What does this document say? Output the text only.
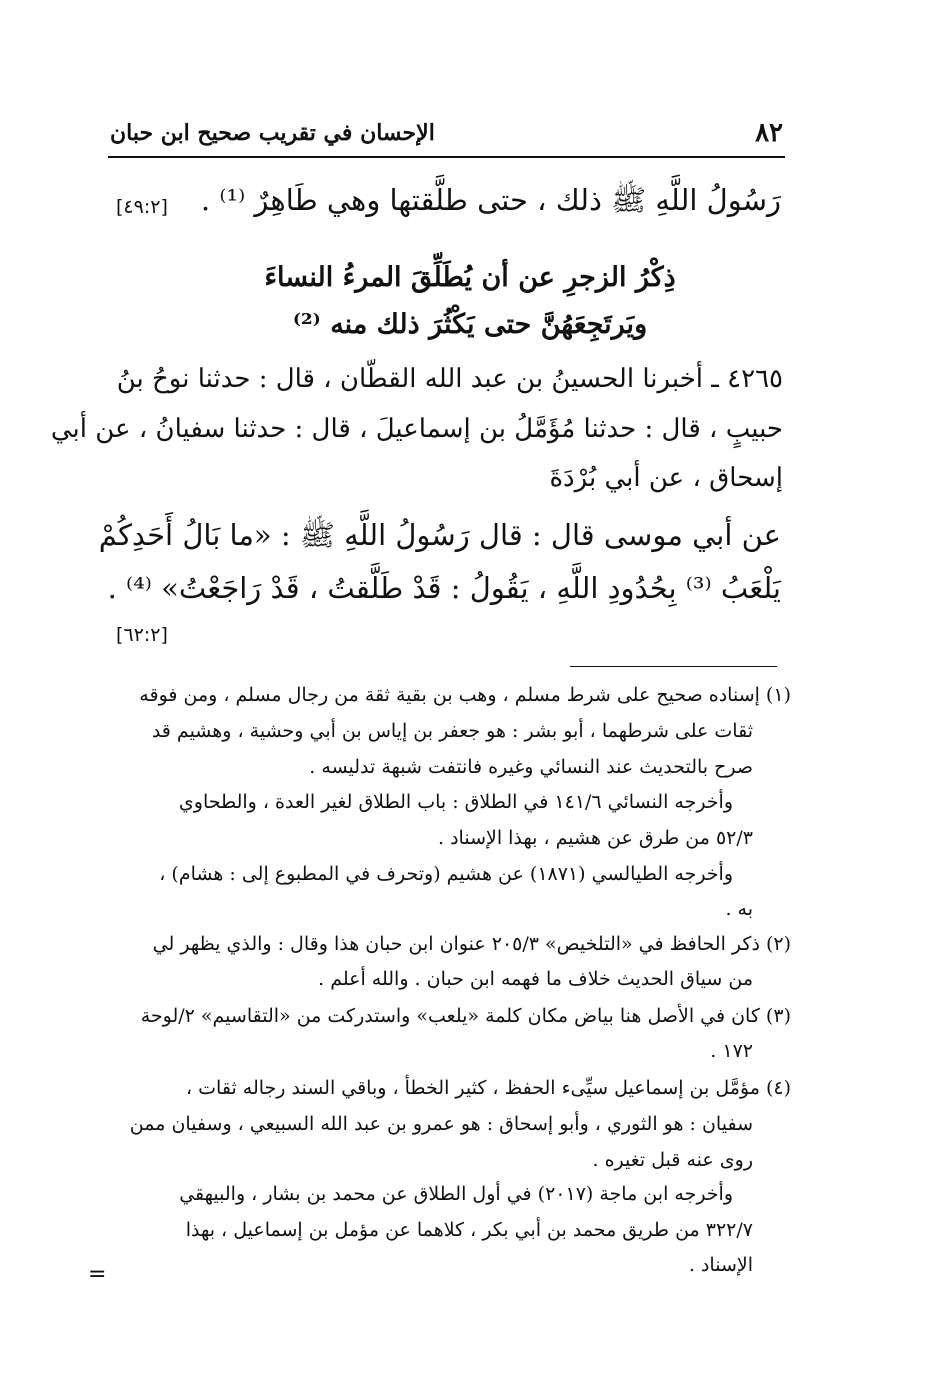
٨٢
الإحسان في تقريب صحيح ابن حبان
رَسُولُ اللَّهِ ﷺ ذلك ، حتى طلَّقتها وهي طَاهِرٌ ⁽¹⁾ .
[٤٩:٢]
ذِكْرُ الزجرِ عن أن يُطَلِّقَ المرءُ النساءَ
ويَرتَجِعَهُنَّ حتى يَكْثُرَ ذلك منه ⁽²⁾
٤٢٦٥ ـ أخبرنا الحسينُ بن عبد الله القطّان ، قال : حدثنا نوحُ بنُ
حبيبٍ ، قال : حدثنا مُؤَمَّلُ بن إسماعيلَ ، قال : حدثنا سفيانُ ، عن أبي
إسحاق ، عن أبي بُرْدَةَ
عن أبي موسى قال : قال رَسُولُ اللَّهِ ﷺ : «ما بَالُ أَحَدِكُمْ
يَلْعَبُ ⁽³⁾ بِحُدُودِ اللَّهِ ، يَقُولُ : قَدْ طَلَّقتُ ، قَدْ رَاجَعْتُ» ⁽⁴⁾ .
[٦٢:٢]
(١) إسناده صحيح على شرط مسلم ، وهب بن بقية ثقة من رجال مسلم ، ومن فوقه
ثقات على شرطهما ، أبو بشر : هو جعفر بن إياس بن أبي وحشية ، وهشيم قد
صرح بالتحديث عند النسائي وغيره فانتفت شبهة تدليسه .
وأخرجه النسائي ١٤١/٦ في الطلاق : باب الطلاق لغير العدة ، والطحاوي
٥٢/٣ من طرق عن هشيم ، بهذا الإسناد .
وأخرجه الطيالسي (١٨٧١) عن هشيم (وتحرف في المطبوع إلى : هشام) ،
به .
(٢) ذكر الحافظ في «التلخيص» ٢٠٥/٣ عنوان ابن حبان هذا وقال : والذي يظهر لي
من سياق الحديث خلاف ما فهمه ابن حبان . والله أعلم .
(٣) كان في الأصل هنا بياض مكان كلمة «يلعب» واستدركت من «التقاسيم» ٢/لوحة
١٧٢ .
(٤) مؤمَّل بن إسماعيل سيِّىء الحفظ ، كثير الخطأ ، وباقي السند رجاله ثقات ،
سفيان : هو الثوري ، وأبو إسحاق : هو عمرو بن عبد الله السبيعي ، وسفيان ممن
روى عنه قبل تغيره .
وأخرجه ابن ماجة (٢٠١٧) في أول الطلاق عن محمد بن بشار ، والبيهقي
٣٢٢/٧ من طريق محمد بن أبي بكر ، كلاهما عن مؤمل بن إسماعيل ، بهذا
الإسناد .
=
